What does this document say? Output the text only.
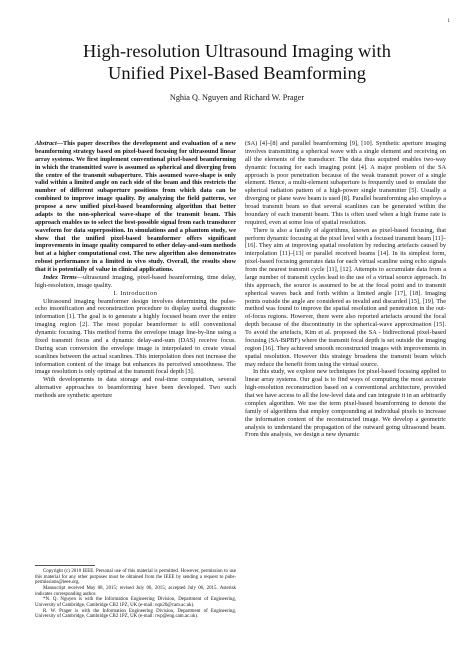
1
High-resolution Ultrasound Imaging with
Unified Pixel-Based Beamforming
Nghia Q. Nguyen and Richard W. Prager

Abstract—This paper describes the development and evaluation of a new beamforming strategy based on pixel-based focusing for ultrasound linear array systems. We first implement conventional pixel-based beamforming in which the transmitted wave is assumed as spherical and diverging from the centre of the transmit subaperture. This assumed wave-shape is only valid within a limited angle on each side of the beam and this restricts the number of different subaperture positions from which data can be combined to improve image quality. By analyzing the field patterns, we propose a new unified pixel-based beamforming algorithm that better adapts to the non-spherical wave-shape of the transmit beam. This approach enables us to select the best-possible signal from each transducer waveform for data superposition. In simulations and a phantom study, we show that the unified pixel-based beamformer offers significant improvements in image quality compared to other delay-and-sum methods but at a higher computational cost. The new algorithm also demonstrates robust performance in a limited in vivo study. Overall, the results show that it is potentially of value in clinical applications.

Index Terms—ultrasound imaging, pixel-based beamforming, time delay, high-resolution, image quality.

I. Introduction

Ultrasound imaging beamformer design involves determining the pulse-echo insonification and reconstruction procedure to display useful diagnostic information [1]. The goal is to generate a highly focused beam over the entire imaging region [2]. The most popular beamformer is still conventional dynamic focusing. This method forms the envelope image line-by-line using a fixed transmit focus and a dynamic delay-and-sum (DAS) receive focus. During scan conversion the envelope image is interpolated to create visual scanlines between the actual scanlines. This interpolation does not increase the information content of the image but enhances its perceived smoothness. The image resolution is only optimal at the transmit focal depth [3].

With developments in data storage and real-time computation, several alternative approaches to beamforming have been developed. Two such methods are synthetic aperture

Copyright (c) 2010 IEEE. Personal use of this material is permitted. However, permission to use this material for any other purposes must be obtained from the IEEE by sending a request to pubs-permissions@ieee.org.

Manuscript received May 08, 2015; revised July 06, 2015; accepted July 06, 2015. Asterisk indicates corresponding author.

*N. Q. Nguyen is with the Information Engineering Division, Department of Engineering, University of Cambridge, Cambridge CB2 1PZ, UK (e-mail: nqn20@cam.ac.uk).

R. W. Prager is with the Information Engineering Division, Department of Engineering, University of Cambridge, Cambridge CB2 1PZ, UK (e-mail: rwp@eng.cam.ac.uk).

(SA) [4]–[8] and parallel beamforming [9], [10]. Synthetic aperture imaging involves transmitting a spherical wave with a single element and receiving on all the elements of the transducer. The data thus acquired enables two-way dynamic focusing for each imaging point [4]. A major problem of the SA approach is poor penetration because of the weak transmit power of a single element. Hence, a multi-element subaperture is frequently used to emulate the spherical radiation pattern of a high-power single transmitter [5]. Usually a diverging or plane wave beam is used [8]. Parallel beamforming also employs a broad transmit beam so that several scanlines can be generated within the boundary of each transmit beam. This is often used when a high frame rate is required, even at some loss of spatial resolution.

There is also a family of algorithms, known as pixel-based focusing, that perform dynamic focusing at the pixel level with a focused transmit beam [11]–[16]. They aim at improving spatial resolution by reducing artefacts caused by interpolation [11]–[13] or parallel received beams [14]. In its simplest form, pixel-based focusing generates data for each virtual scanline using echo signals from the nearest transmit cycle [11], [12]. Attempts to accumulate data from a large number of transmit cycles lead to the use of a virtual source approach. In this approach, the source is assumed to be at the focal point and to transmit spherical waves back and forth within a limited angle [17], [18]. Imaging points outside the angle are considered as invalid and discarded [15], [19]. The method was found to improve the spatial resolution and penetration in the out-of-focus regions. However, there were also reported artefacts around the focal depth because of the discontinuity in the spherical-wave approximation [15]. To avoid the artefacts, Kim et al. proposed the SA - bidirectional pixel-based focusing (SA-BiPBF) where the transmit focal depth is set outside the imaging region [16]. They achieved smooth reconstructed images with improvements in spatial resolution. However this strategy broadens the transmit beam which may reduce the benefit from using the virtual source.

In this study, we explore new techniques for pixel-based focusing applied to linear array systems. Our goal is to find ways of computing the most accurate high-resolution reconstruction based on a conventional architecture, provided that we have access to all the low-level data and can integrate it in an arbitrarily complex algorithm. We use the term pixel-based beamforming to denote the family of algorithms that employ compounding at individual pixels to increase the information content of the reconstructed image. We develop a geometric analysis to understand the propagation of the outward going ultrasound beam. From this analysis, we design a new dynamic
